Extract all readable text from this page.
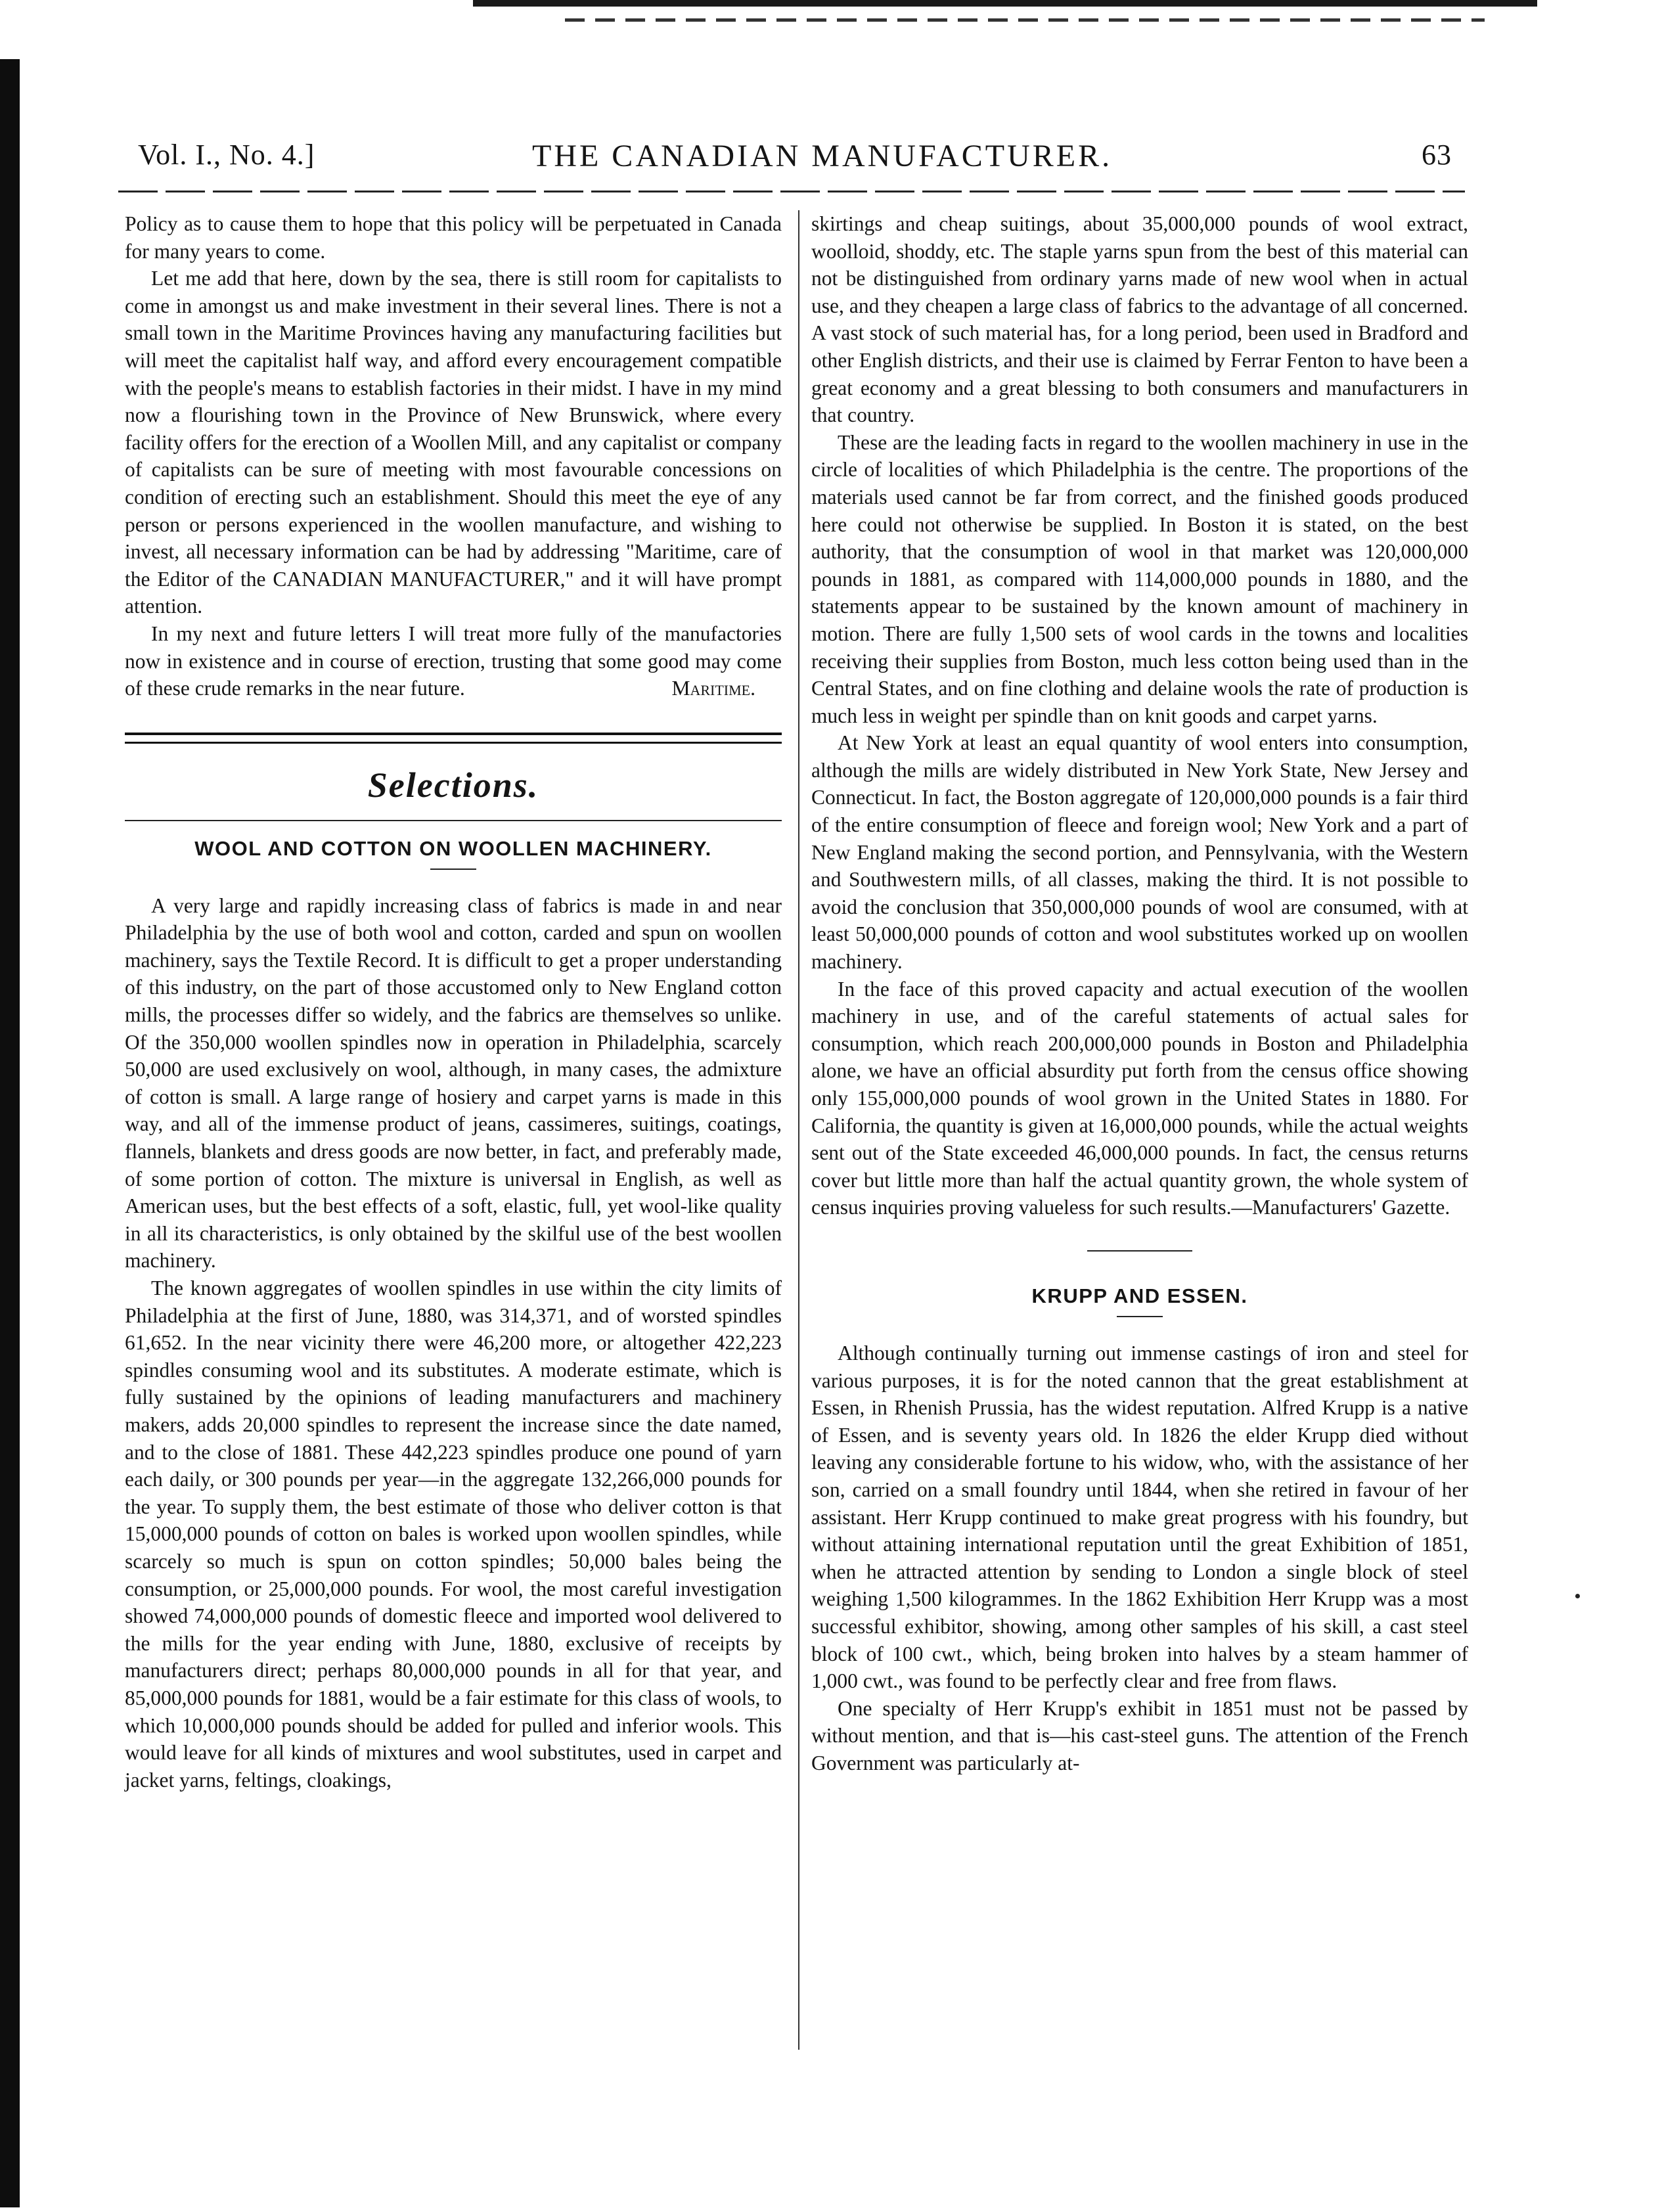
Vol. I., No. 4.]	THE CANADIAN MANUFACTURER.	63

Policy as to cause them to hope that this policy will be perpetuated in Canada for many years to come.

Let me add that here, down by the sea, there is still room for capitalists to come in amongst us and make investment in their several lines. There is not a small town in the Maritime Provinces having any manufacturing facilities but will meet the capitalist half way, and afford every encouragement compatible with the people's means to establish factories in their midst. I have in my mind now a flourishing town in the Province of New Brunswick, where every facility offers for the erection of a Woollen Mill, and any capitalist or company of capitalists can be sure of meeting with most favourable concessions on condition of erecting such an establishment. Should this meet the eye of any person or persons experienced in the woollen manufacture, and wishing to invest, all necessary information can be had by addressing "Maritime, care of the Editor of the CANADIAN MANUFACTURER," and it will have prompt attention.

In my next and future letters I will treat more fully of the manufactories now in existence and in course of erection, trusting that some good may come of these crude remarks in the near future.	Maritime.

Selections.
WOOL AND COTTON ON WOOLLEN MACHINERY.

A very large and rapidly increasing class of fabrics is made in and near Philadelphia by the use of both wool and cotton, carded and spun on woollen machinery, says the Textile Record. It is difficult to get a proper understanding of this industry, on the part of those accustomed only to New England cotton mills, the processes differ so widely, and the fabrics are themselves so unlike. Of the 350,000 woollen spindles now in operation in Philadelphia, scarcely 50,000 are used exclusively on wool, although, in many cases, the admixture of cotton is small. A large range of hosiery and carpet yarns is made in this way, and all of the immense product of jeans, cassimeres, suitings, coatings, flannels, blankets and dress goods are now better, in fact, and preferably made, of some portion of cotton. The mixture is universal in English, as well as American uses, but the best effects of a soft, elastic, full, yet wool-like quality in all its characteristics, is only obtained by the skilful use of the best woollen machinery.

The known aggregates of woollen spindles in use within the city limits of Philadelphia at the first of June, 1880, was 314,371, and of worsted spindles 61,652. In the near vicinity there were 46,200 more, or altogether 422,223 spindles consuming wool and its substitutes. A moderate estimate, which is fully sustained by the opinions of leading manufacturers and machinery makers, adds 20,000 spindles to represent the increase since the date named, and to the close of 1881. These 442,223 spindles produce one pound of yarn each daily, or 300 pounds per year—in the aggregate 132,266,000 pounds for the year. To supply them, the best estimate of those who deliver cotton is that 15,000,000 pounds of cotton on bales is worked upon woollen spindles, while scarcely so much is spun on cotton spindles; 50,000 bales being the consumption, or 25,000,000 pounds. For wool, the most careful investigation showed 74,000,000 pounds of domestic fleece and imported wool delivered to the mills for the year ending with June, 1880, exclusive of receipts by manufacturers direct; perhaps 80,000,000 pounds in all for that year, and 85,000,000 pounds for 1881, would be a fair estimate for this class of wools, to which 10,000,000 pounds should be added for pulled and inferior wools. This would leave for all kinds of mixtures and wool substitutes, used in carpet and jacket yarns, feltings, cloakings,

skirtings and cheap suitings, about 35,000,000 pounds of wool extract, woolloid, shoddy, etc. The staple yarns spun from the best of this material can not be distinguished from ordinary yarns made of new wool when in actual use, and they cheapen a large class of fabrics to the advantage of all concerned. A vast stock of such material has, for a long period, been used in Bradford and other English districts, and their use is claimed by Ferrar Fenton to have been a great economy and a great blessing to both consumers and manufacturers in that country.

These are the leading facts in regard to the woollen machinery in use in the circle of localities of which Philadelphia is the centre. The proportions of the materials used cannot be far from correct, and the finished goods produced here could not otherwise be supplied. In Boston it is stated, on the best authority, that the consumption of wool in that market was 120,000,000 pounds in 1881, as compared with 114,000,000 pounds in 1880, and the statements appear to be sustained by the known amount of machinery in motion. There are fully 1,500 sets of wool cards in the towns and localities receiving their supplies from Boston, much less cotton being used than in the Central States, and on fine clothing and delaine wools the rate of production is much less in weight per spindle than on knit goods and carpet yarns.

At New York at least an equal quantity of wool enters into consumption, although the mills are widely distributed in New York State, New Jersey and Connecticut. In fact, the Boston aggregate of 120,000,000 pounds is a fair third of the entire consumption of fleece and foreign wool; New York and a part of New England making the second portion, and Pennsylvania, with the Western and Southwestern mills, of all classes, making the third. It is not possible to avoid the conclusion that 350,000,000 pounds of wool are consumed, with at least 50,000,000 pounds of cotton and wool substitutes worked up on woollen machinery.

In the face of this proved capacity and actual execution of the woollen machinery in use, and of the careful statements of actual sales for consumption, which reach 200,000,000 pounds in Boston and Philadelphia alone, we have an official absurdity put forth from the census office showing only 155,000,000 pounds of wool grown in the United States in 1880. For California, the quantity is given at 16,000,000 pounds, while the actual weights sent out of the State exceeded 46,000,000 pounds. In fact, the census returns cover but little more than half the actual quantity grown, the whole system of census inquiries proving valueless for such results.—Manufacturers' Gazette.

KRUPP AND ESSEN.

Although continually turning out immense castings of iron and steel for various purposes, it is for the noted cannon that the great establishment at Essen, in Rhenish Prussia, has the widest reputation. Alfred Krupp is a native of Essen, and is seventy years old. In 1826 the elder Krupp died without leaving any considerable fortune to his widow, who, with the assistance of her son, carried on a small foundry until 1844, when she retired in favour of her assistant. Herr Krupp continued to make great progress with his foundry, but without attaining international reputation until the great Exhibition of 1851, when he attracted attention by sending to London a single block of steel weighing 1,500 kilogrammes. In the 1862 Exhibition Herr Krupp was a most successful exhibitor, showing, among other samples of his skill, a cast steel block of 100 cwt., which, being broken into halves by a steam hammer of 1,000 cwt., was found to be perfectly clear and free from flaws.

One specialty of Herr Krupp's exhibit in 1851 must not be passed by without mention, and that is—his cast-steel guns. The attention of the French Government was particularly at-
